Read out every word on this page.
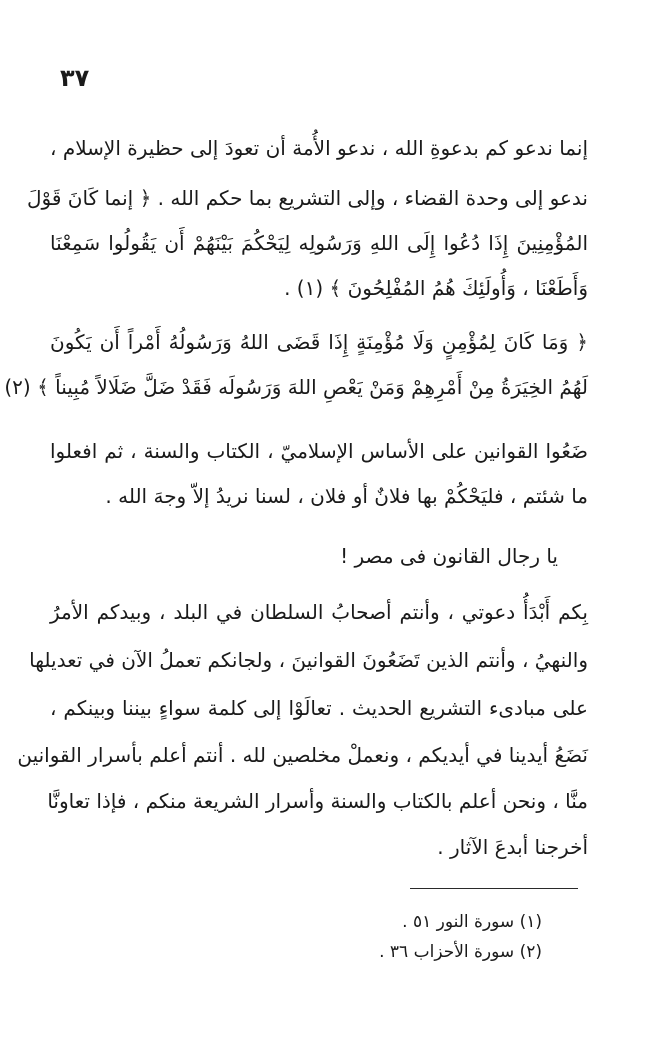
٣٧
إنما ندعو كم بدعوةِ الله ، ندعو الأُمة أن تعودَ إلى حظيرة الإسلام ،
ندعو إلى وحدة القضاء ، وإلى التشريع بما حكم الله . ﴿ إنما كَانَ قَوْلَ
المُؤْمِنِينَ إِذَا دُعُوا إِلَى اللهِ وَرَسُولِه لِيَحْكُمَ بَيْنَهُمْ أَن يَقُولُوا سَمِعْنَا
وَأَطَعْنَا ، وَأُولَئِكَ هُمُ المُفْلِحُونَ ﴾ (١) .
﴿ وَمَا كَانَ لِمُؤْمِنٍ وَلَا مُؤْمِنَةٍ إِذَا قَضَى اللهُ وَرَسُولُهُ أَمْراً أَن يَكُونَ
لَهُمُ الخِيَرَةُ مِنْ أَمْرِهِمْ وَمَنْ يَعْصِ اللهَ وَرَسُولَه فَقَدْ ضَلَّ ضَلَالاً مُبِيناً ﴾ (٢)
ضَعُوا القوانين على الأساس الإسلاميّ ، الكتاب والسنة ، ثم افعلوا
ما شئتم ، فليَحْكُمْ بها فلانٌ أو فلان ، لسنا نريدُ إلاّ وجهَ الله .
يا رجال القانون فى مصر !
بِكم أَبْدَأُ دعوتي ، وأنتم أصحابُ السلطان في البلد ، وبيدكم الأمرُ
والنهيُ ، وأنتم الذين تَضَعُونَ القوانينَ ، ولجانكم تعملُ الآن في تعديلها
على مبادىء التشريع الحديث . تعالَوْا إلى كلمة سواءٍ بيننا وبينكم ،
نَضَعُ أيدينا في أيديكم ، ونعملْ مخلصين لله . أنتم أعلم بأسرار القوانين
منَّا ، ونحن أعلم بالكتاب والسنة وأسرار الشريعة منكم ، فإذا تعاونَّا
أخرجنا أبدعَ الآثار .
(١) سورة النور ٥١ .
(٢) سورة الأحزاب ٣٦ .
